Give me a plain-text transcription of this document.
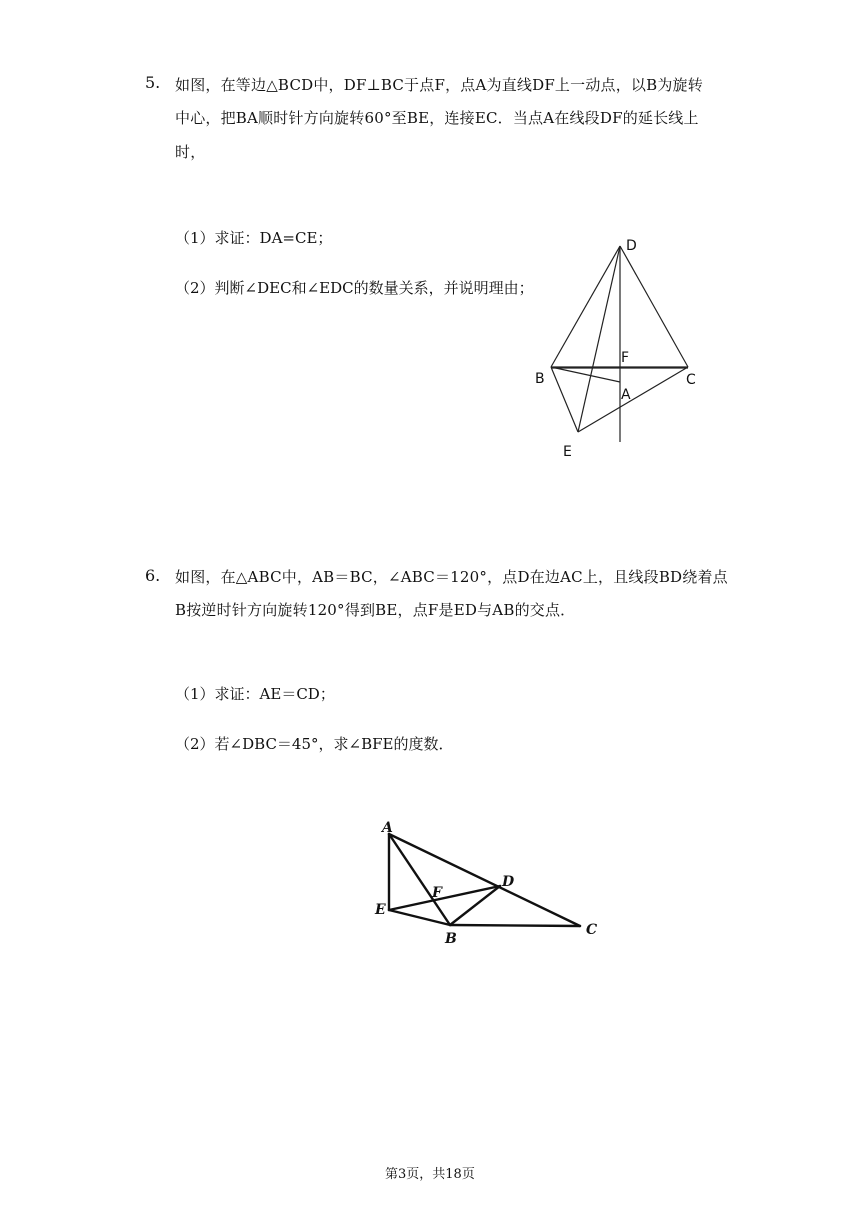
5. 如图，在等边△BCD中，DF⊥BC于点F，点A为直线DF上一动点，以B为旋转
中心，把BA顺时针方向旋转60°至BE，连接EC．当点A在线段DF的延长线上
时，
（1）求证：DA=CE；
（2）判断∠DEC和∠EDC的数量关系，并说明理由；
D
F
B	C
A
E
6. 如图，在△ABC中，AB＝BC，∠ABC＝120°，点D在边AC上，且线段BD绕着点
B按逆时针方向旋转120°得到BE，点F是ED与AB的交点．
（1）求证：AE＝CD；
（2）若∠DBC＝45°，求∠BFE的度数．
A
D
F
E
B
C
第3页，共18页
